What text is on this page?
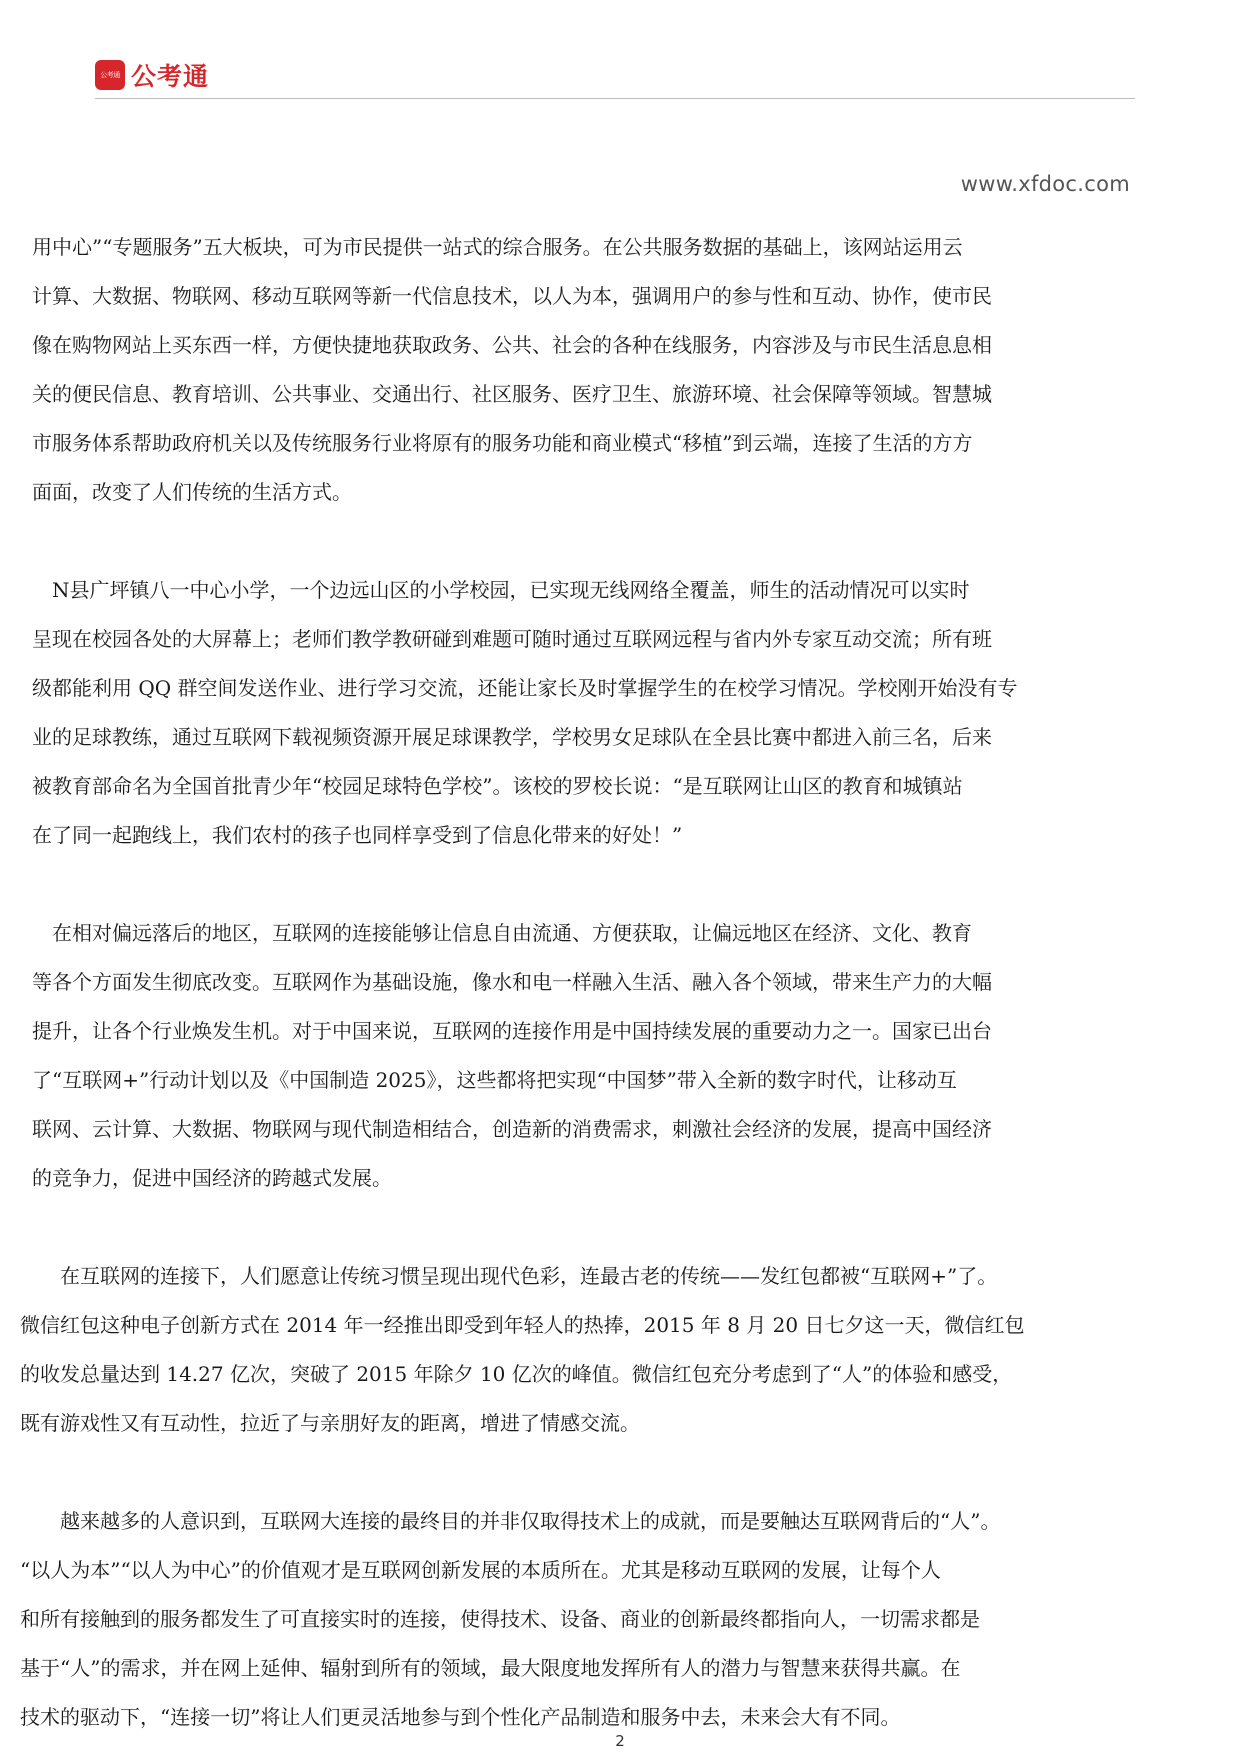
公考通 公考通
www.xfdoc.com

用中心”“专题服务”五大板块，可为市民提供一站式的综合服务。在公共服务数据的基础上，该网站运用云
计算、大数据、物联网、移动互联网等新一代信息技术，以人为本，强调用户的参与性和互动、协作，使市民
像在购物网站上买东西一样，方便快捷地获取政务、公共、社会的各种在线服务，内容涉及与市民生活息息相
关的便民信息、教育培训、公共事业、交通出行、社区服务、医疗卫生、旅游环境、社会保障等领域。智慧城
市服务体系帮助政府机关以及传统服务行业将原有的服务功能和商业模式“移植”到云端，连接了生活的方方
面面，改变了人们传统的生活方式。

　N县广坪镇八一中心小学，一个边远山区的小学校园，已实现无线网络全覆盖，师生的活动情况可以实时
呈现在校园各处的大屏幕上；老师们教学教研碰到难题可随时通过互联网远程与省内外专家互动交流；所有班
级都能利用 QQ 群空间发送作业、进行学习交流，还能让家长及时掌握学生的在校学习情况。学校刚开始没有专
业的足球教练，通过互联网下载视频资源开展足球课教学，学校男女足球队在全县比赛中都进入前三名，后来
被教育部命名为全国首批青少年“校园足球特色学校”。该校的罗校长说：“是互联网让山区的教育和城镇站
在了同一起跑线上，我们农村的孩子也同样享受到了信息化带来的好处！”

　在相对偏远落后的地区，互联网的连接能够让信息自由流通、方便获取，让偏远地区在经济、文化、教育
等各个方面发生彻底改变。互联网作为基础设施，像水和电一样融入生活、融入各个领域，带来生产力的大幅
提升，让各个行业焕发生机。对于中国来说，互联网的连接作用是中国持续发展的重要动力之一。国家已出台
了“互联网+”行动计划以及《中国制造 2025》，这些都将把实现“中国梦”带入全新的数字时代，让移动互
联网、云计算、大数据、物联网与现代制造相结合，创造新的消费需求，刺激社会经济的发展，提高中国经济
的竞争力，促进中国经济的跨越式发展。

　　在互联网的连接下，人们愿意让传统习惯呈现出现代色彩，连最古老的传统——发红包都被“互联网+”了。
微信红包这种电子创新方式在 2014 年一经推出即受到年轻人的热捧，2015 年 8 月 20 日七夕这一天，微信红包
的收发总量达到 14.27 亿次，突破了 2015 年除夕 10 亿次的峰值。微信红包充分考虑到了“人”的体验和感受，
既有游戏性又有互动性，拉近了与亲朋好友的距离，增进了情感交流。

　　越来越多的人意识到，互联网大连接的最终目的并非仅取得技术上的成就，而是要触达互联网背后的“人”。
“以人为本”“以人为中心”的价值观才是互联网创新发展的本质所在。尤其是移动互联网的发展，让每个人
和所有接触到的服务都发生了可直接实时的连接，使得技术、设备、商业的创新最终都指向人，一切需求都是
基于“人”的需求，并在网上延伸、辐射到所有的领域，最大限度地发挥所有人的潜力与智慧来获得共赢。在
技术的驱动下，“连接一切”将让人们更灵活地参与到个性化产品制造和服务中去，未来会大有不同。

2
